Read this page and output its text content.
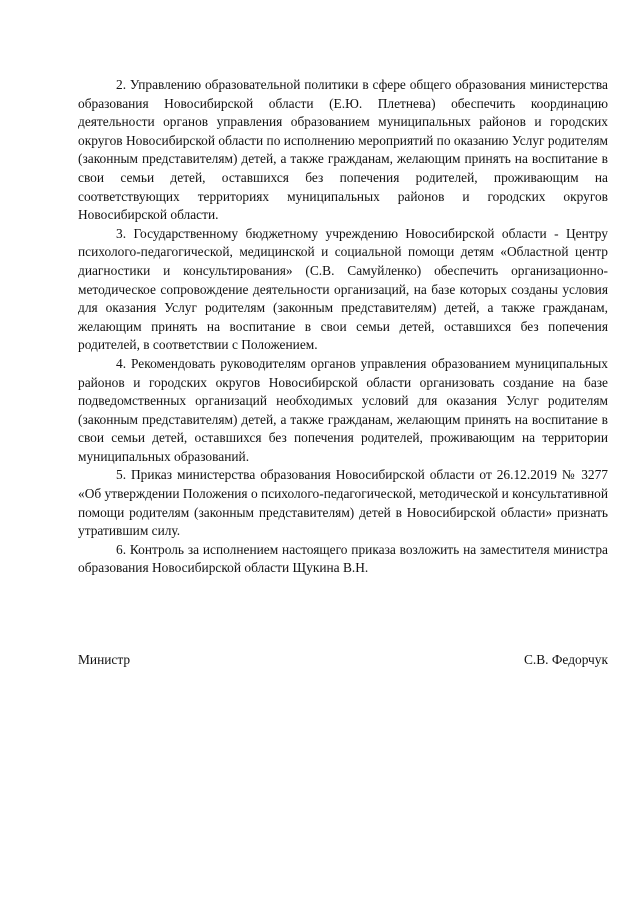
2. Управлению образовательной политики в сфере общего образования министерства образования Новосибирской области (Е.Ю. Плетнева) обеспечить координацию деятельности органов управления образованием муниципальных районов и городских округов Новосибирской области по исполнению мероприятий по оказанию Услуг родителям (законным представителям) детей, а также гражданам, желающим принять на воспитание в свои семьи детей, оставшихся без попечения родителей, проживающим на соответствующих территориях муниципальных районов и городских округов Новосибирской области.

3. Государственному бюджетному учреждению Новосибирской области - Центру психолого-педагогической, медицинской и социальной помощи детям «Областной центр диагностики и консультирования» (С.В. Самуйленко) обеспечить организационно-методическое сопровождение деятельности организаций, на базе которых созданы условия для оказания Услуг родителям (законным представителям) детей, а также гражданам, желающим принять на воспитание в свои семьи детей, оставшихся без попечения родителей, в соответствии с Положением.

4. Рекомендовать руководителям органов управления образованием муниципальных районов и городских округов Новосибирской области организовать создание на базе подведомственных организаций необходимых условий для оказания Услуг родителям (законным представителям) детей, а также гражданам, желающим принять на воспитание в свои семьи детей, оставшихся без попечения родителей, проживающим на территории муниципальных образований.

5. Приказ министерства образования Новосибирской области от 26.12.2019 № 3277 «Об утверждении Положения о психолого-педагогической, методической и консультативной помощи родителям (законным представителям) детей в Новосибирской области» признать утратившим силу.

6. Контроль за исполнением настоящего приказа возложить на заместителя министра образования Новосибирской области Щукина В.Н.

Министр	С.В. Федорчук
